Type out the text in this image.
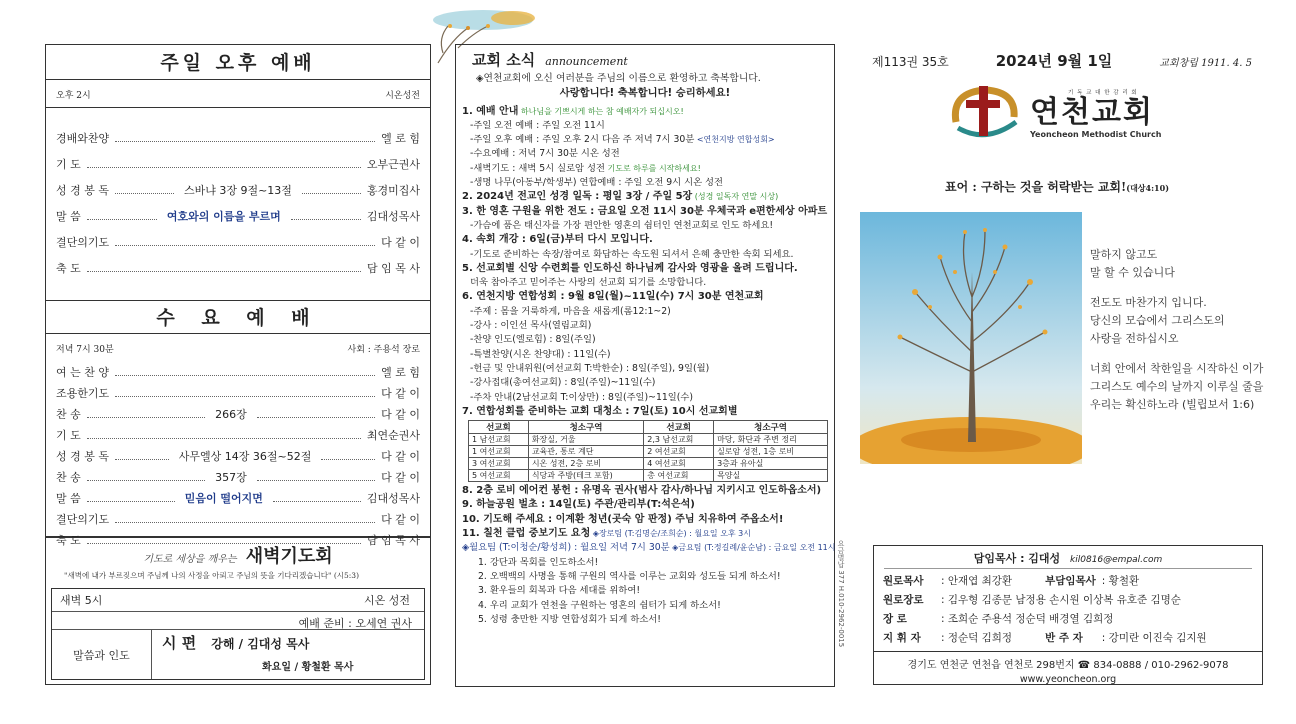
주일 오후 예배
오후 2시	시온성전
경배와찬양	엘 로 힘
기 도	오부근권사
성 경 봉 독	스바냐 3장 9절~13절	홍경미집사
말 씀	여호와의 이름을 부르며	김대성목사
결단의기도	다 같 이
축 도	담 임 목 사
수 요 예 배
저녁 7시 30분	사회 : 주용석 장로
여 는 찬 양	엘 로 힘
조용한기도	다 같 이
찬 송	266장	다 같 이
기 도	최연순권사
성 경 봉 독	사무엘상 14장 36절~52절	다 같 이
찬 송	357장	다 같 이
말 씀	믿음이 떨어지면	김대성목사
결단의기도	다 같 이
축 도	담 임 목 사
기도로 세상을 깨우는 새벽기도회
"새벽에 내가 부르짖으며 주님께 나의 사정을 아뢰고 주님의 뜻을 기다리겠습니다" (시5:3)
새벽 5시	시온 성전
예배 준비 : 오세연 권사
말씀과 인도
시 편 강해 / 김대성 목사
화요일 / 황철환 목사
교회 소식 announcement

◈연천교회에 오신 여러분을 주님의 이름으로 환영하고 축복합니다.

사랑합니다! 축복합니다! 승리하세요!

1. 예배 안내 하나님을 기쁘시게 하는 참 예배자가 되십시오!

-주일 오전 예배 : 주일 오전 11시

-주일 오후 예배 : 주일 오후 2시 다음 주 저녁 7시 30분 <연천지방 연합성회>

-수요예배 : 저녁 7시 30분 시온 성전

-새벽기도 : 새벽 5시 실로암 성전 기도로 하루를 시작하세요!

-생명 나무(아동부/학생부) 연합예배 : 주일 오전 9시 시온 성전

2. 2024년 전교인 성경 일독 : 평일 3장 / 주일 5장 (성경 일독자 연말 시상)

3. 한 영혼 구원을 위한 전도 : 금요일 오전 11시 30분 우체국과 e편한세상 아파트

-가슴에 품은 태신자를 가장 편안한 영혼의 쉼터인 연천교회로 인도 하세요!

4. 속회 개강 : 6일(금)부터 다시 모입니다.

-기도로 준비하는 속장/참여로 화답하는 속도원 되셔서 은혜 충만한 속회 되세요.

5. 선교회별 신앙 수련회를 인도하신 하나님께 감사와 영광을 올려 드립니다.

더욱 참아주고 믿어주는 사랑의 선교회 되기를 소망합니다.

6. 연천지방 연합성회 : 9월 8일(월)~11일(수) 7시 30분 연천교회

-주제 : 몸을 거룩하게, 마음을 새롭게(롬12:1~2)

-강사 : 이인선 목사(열림교회)

-찬양 인도(엘로힘) : 8일(주일)

-특별찬양(시온 찬양대) : 11일(수)

-헌금 및 안내위원(여선교회 T:박한순) : 8일(주일), 9일(월)

-강사접대(총여선교회) : 8일(주일)~11일(수)

-주차 안내(2남선교회 T:이상만) : 8일(주일)~11일(수)

7. 연합성회를 준비하는 교회 대청소 : 7일(토) 10시 선교회별

선교회	청소구역	선교회	청소구역
1 남선교회	화장실, 거울	2,3 남선교회	마당, 화단과 주변 정리
1 여선교회	교육관, 통로 계단	2 여선교회	실로암 성전, 1층 로비
3 여선교회	시온 성전, 2층 로비	4 여선교회	3층과 유아실
5 여선교회	식당과 주방(테크 포함)	총 여선교회	목양실

8. 2층 로비 에어컨 봉헌 : 유명옥 권사(범사 감사/하나님 지키시고 인도하옵소서)

9. 하늘공원 벌초 : 14일(토) 주관/관리부(T:석은석)

10. 기도해 주세요 : 이계환 청년(곳숙 암 판정) 주님 치유하여 주옵소서!

11. 칠천 클럽 중보기도 요청 ◈장로팀 (T:김명순/조희순) : 월요일 오후 3시

◈월요팀 (T:이청순/황성희) : 월요일 저녁 7시 30분 ◈금요팀 (T:정길례/윤순남) : 금요일 오전 11시

1. 강단과 목회를 인도하소서!

2. 오백백의 사명을 통해 구원의 역사를 이루는 교회와 성도들 되게 하소서!

3. 환우들의 회복과 다음 세대를 위하여!

4. 우리 교회가 연천을 구원하는 영혼의 쉼터가 되게 하소서!

5. 성령 충만한 지방 연합성회가 되게 하소서!

제113권 35호	2024년 9월 1일	교회창립 1911. 4. 5
기 독 교 대 한 감 리 회
연천교회
Yeoncheon Methodist Church
표어 : 구하는 것을 허락받는 교회!(대상4:10)
말하지 않고도
말 할 수 있습니다
전도도 마찬가지 입니다.
당신의 모습에서 그리스도의
사랑을 전하십시오
너희 안에서 착한일을 시작하신 이가
그리스도 예수의 날까지 이루실 줄을
우리는 확신하노라 (빌립보서 1:6)
요금별납 377 H.010-2962-0015	담임목사 : 김대성 kil0816@empal.com
원로목사	: 안재엽 최강환	부담임목사	: 황철환
원로장로	: 김우형 김종문 남정용 손시원 이상복 유호준 김명순		
장 로	: 조희순 주용석 정순덕 배경열 김희정		
지 휘 자	: 정순덕 김희정	반 주 자	: 강미란 이진숙 김지원
경기도 연천군 연천읍 연천로 298번지 ☎ 834-0888 / 010-2962-9078
www.yeoncheon.org
